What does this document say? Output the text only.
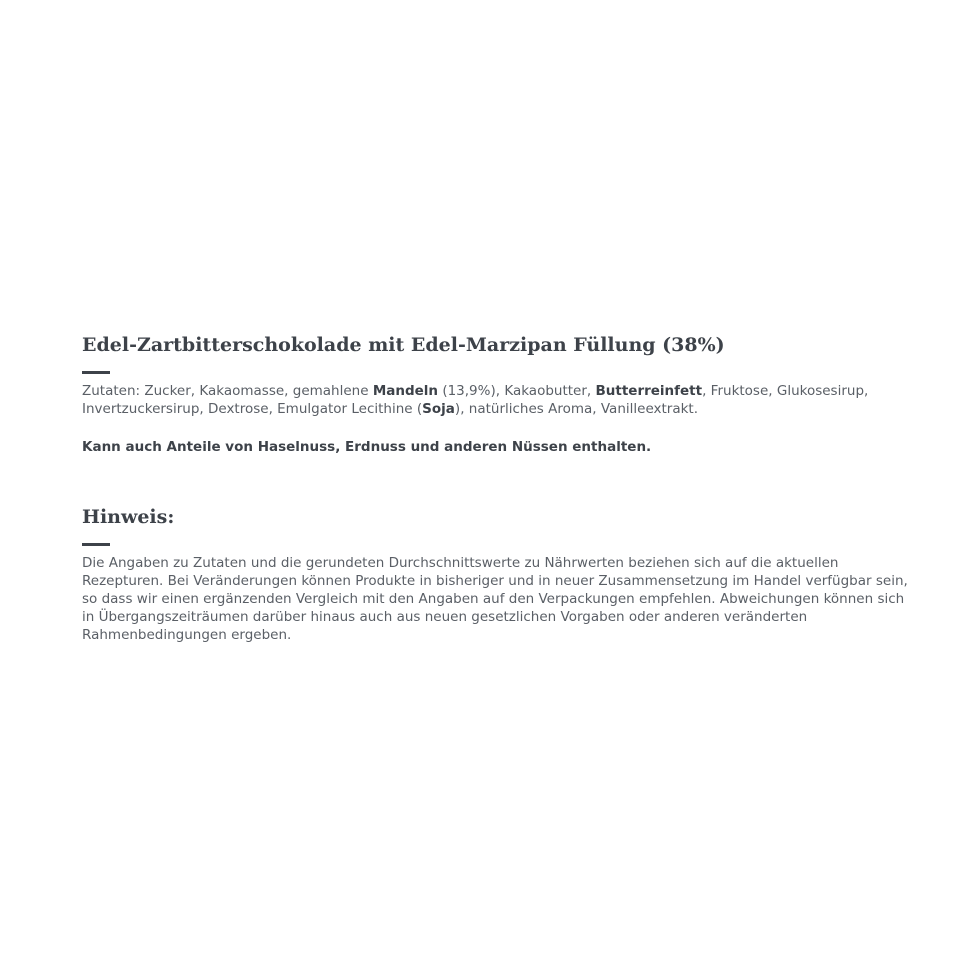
Edel-Zartbitterschokolade mit Edel-Marzipan Füllung (38%)

Zutaten: Zucker, Kakaomasse, gemahlene Mandeln (13,9%), Kakaobutter, Butterreinfett, Fruktose, Glukosesirup, Invertzuckersirup, Dextrose, Emulgator Lecithine (Soja), natürliches Aroma, Vanilleextrakt.

Kann auch Anteile von Haselnuss, Erdnuss und anderen Nüssen enthalten.

Hinweis:

Die Angaben zu Zutaten und die gerundeten Durchschnittswerte zu Nährwerten beziehen sich auf die aktuellen Rezepturen. Bei Veränderungen können Produkte in bisheriger und in neuer Zusammensetzung im Handel verfügbar sein, so dass wir einen ergänzenden Vergleich mit den Angaben auf den Verpackungen empfehlen. Abweichungen können sich in Übergangszeiträumen darüber hinaus auch aus neuen gesetzlichen Vorgaben oder anderen veränderten Rahmenbedingungen ergeben.
